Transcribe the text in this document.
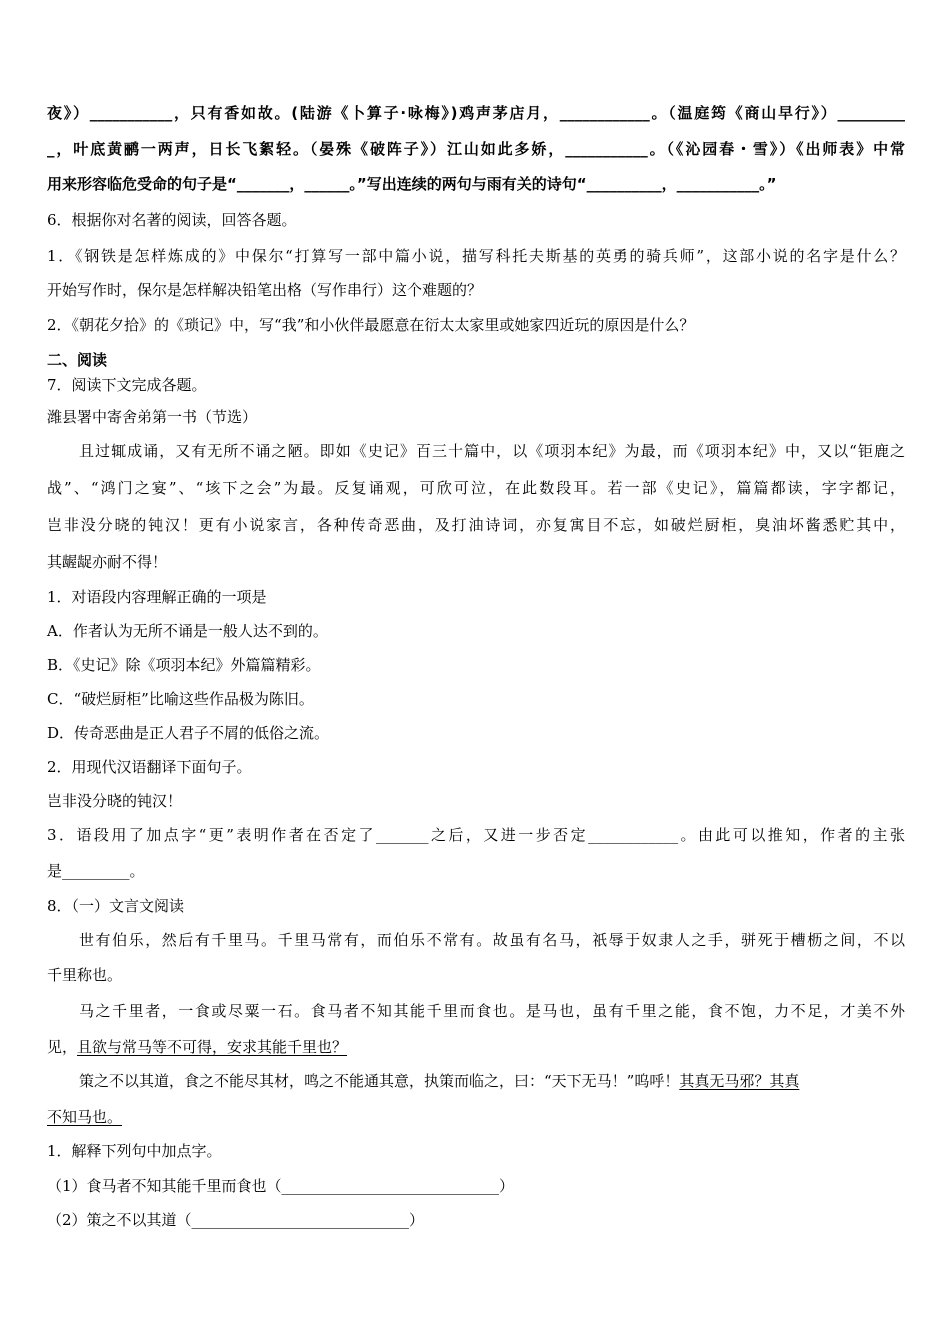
夜》）___________，只有香如故。(陆游《卜算子·咏梅》)鸡声茅店月，____________。（温庭筠《商山早行》）_________
_，叶底黄鹂一两声，日长飞絮轻。（晏殊《破阵子》）江山如此多娇，___________。（《沁园春・雪》）《出师表》中常
用来形容临危受命的句子是“_______，______。”写出连续的两句与雨有关的诗句“__________，___________。”
6．根据你对名著的阅读，回答各题。
1．《钢铁是怎样炼成的》中保尔“打算写一部中篇小说，描写科托夫斯基的英勇的骑兵师”，这部小说的名字是什么？
开始写作时，保尔是怎样解决铅笔出格（写作串行）这个难题的？
2．《朝花夕拾》的《琐记》中，写“我”和小伙伴最愿意在衍太太家里或她家四近玩的原因是什么？
二、阅读
7．阅读下文完成各题。
潍县署中寄舍弟第一书（节选）
且过辄成诵，又有无所不诵之陋。即如《史记》百三十篇中，以《项羽本纪》为最，而《项羽本纪》中，又以“钜鹿之
战”、“鸿门之宴”、“垓下之会”为最。反复诵观，可欣可泣，在此数段耳。若一部《史记》，篇篇都读，字字都记，
岂非没分晓的钝汉！更有小说家言，各种传奇恶曲，及打油诗词，亦复寓目不忘，如破烂厨柜，臭油坏酱悉贮其中，
其龌龊亦耐不得！
1．对语段内容理解正确的一项是
A．作者认为无所不诵是一般人达不到的。
B．《史记》除《项羽本纪》外篇篇精彩。
C．“破烂厨柜”比喻这些作品极为陈旧。
D．传奇恶曲是正人君子不屑的低俗之流。
2．用现代汉语翻译下面句子。
岂非没分晓的钝汉！
3．语段用了加点字“更”表明作者在否定了_______之后，又进一步否定____________。由此可以推知，作者的主张
是_________。
8．（一）文言文阅读
世有伯乐，然后有千里马。千里马常有，而伯乐不常有。故虽有名马，祇辱于奴隶人之手，骈死于槽枥之间，不以
千里称也。
马之千里者，一食或尽粟一石。食马者不知其能千里而食也。是马也，虽有千里之能，食不饱，力不足，才美不外
见，且欲与常马等不可得，安求其能千里也？
策之不以其道，食之不能尽其材，鸣之不能通其意，执策而临之，曰：“天下无马！”呜呼！其真无马邪？其真
不知马也。
1．解释下列句中加点字。
（1）食马者不知其能千里而食也（_____________________________）
（2）策之不以其道（_____________________________）
